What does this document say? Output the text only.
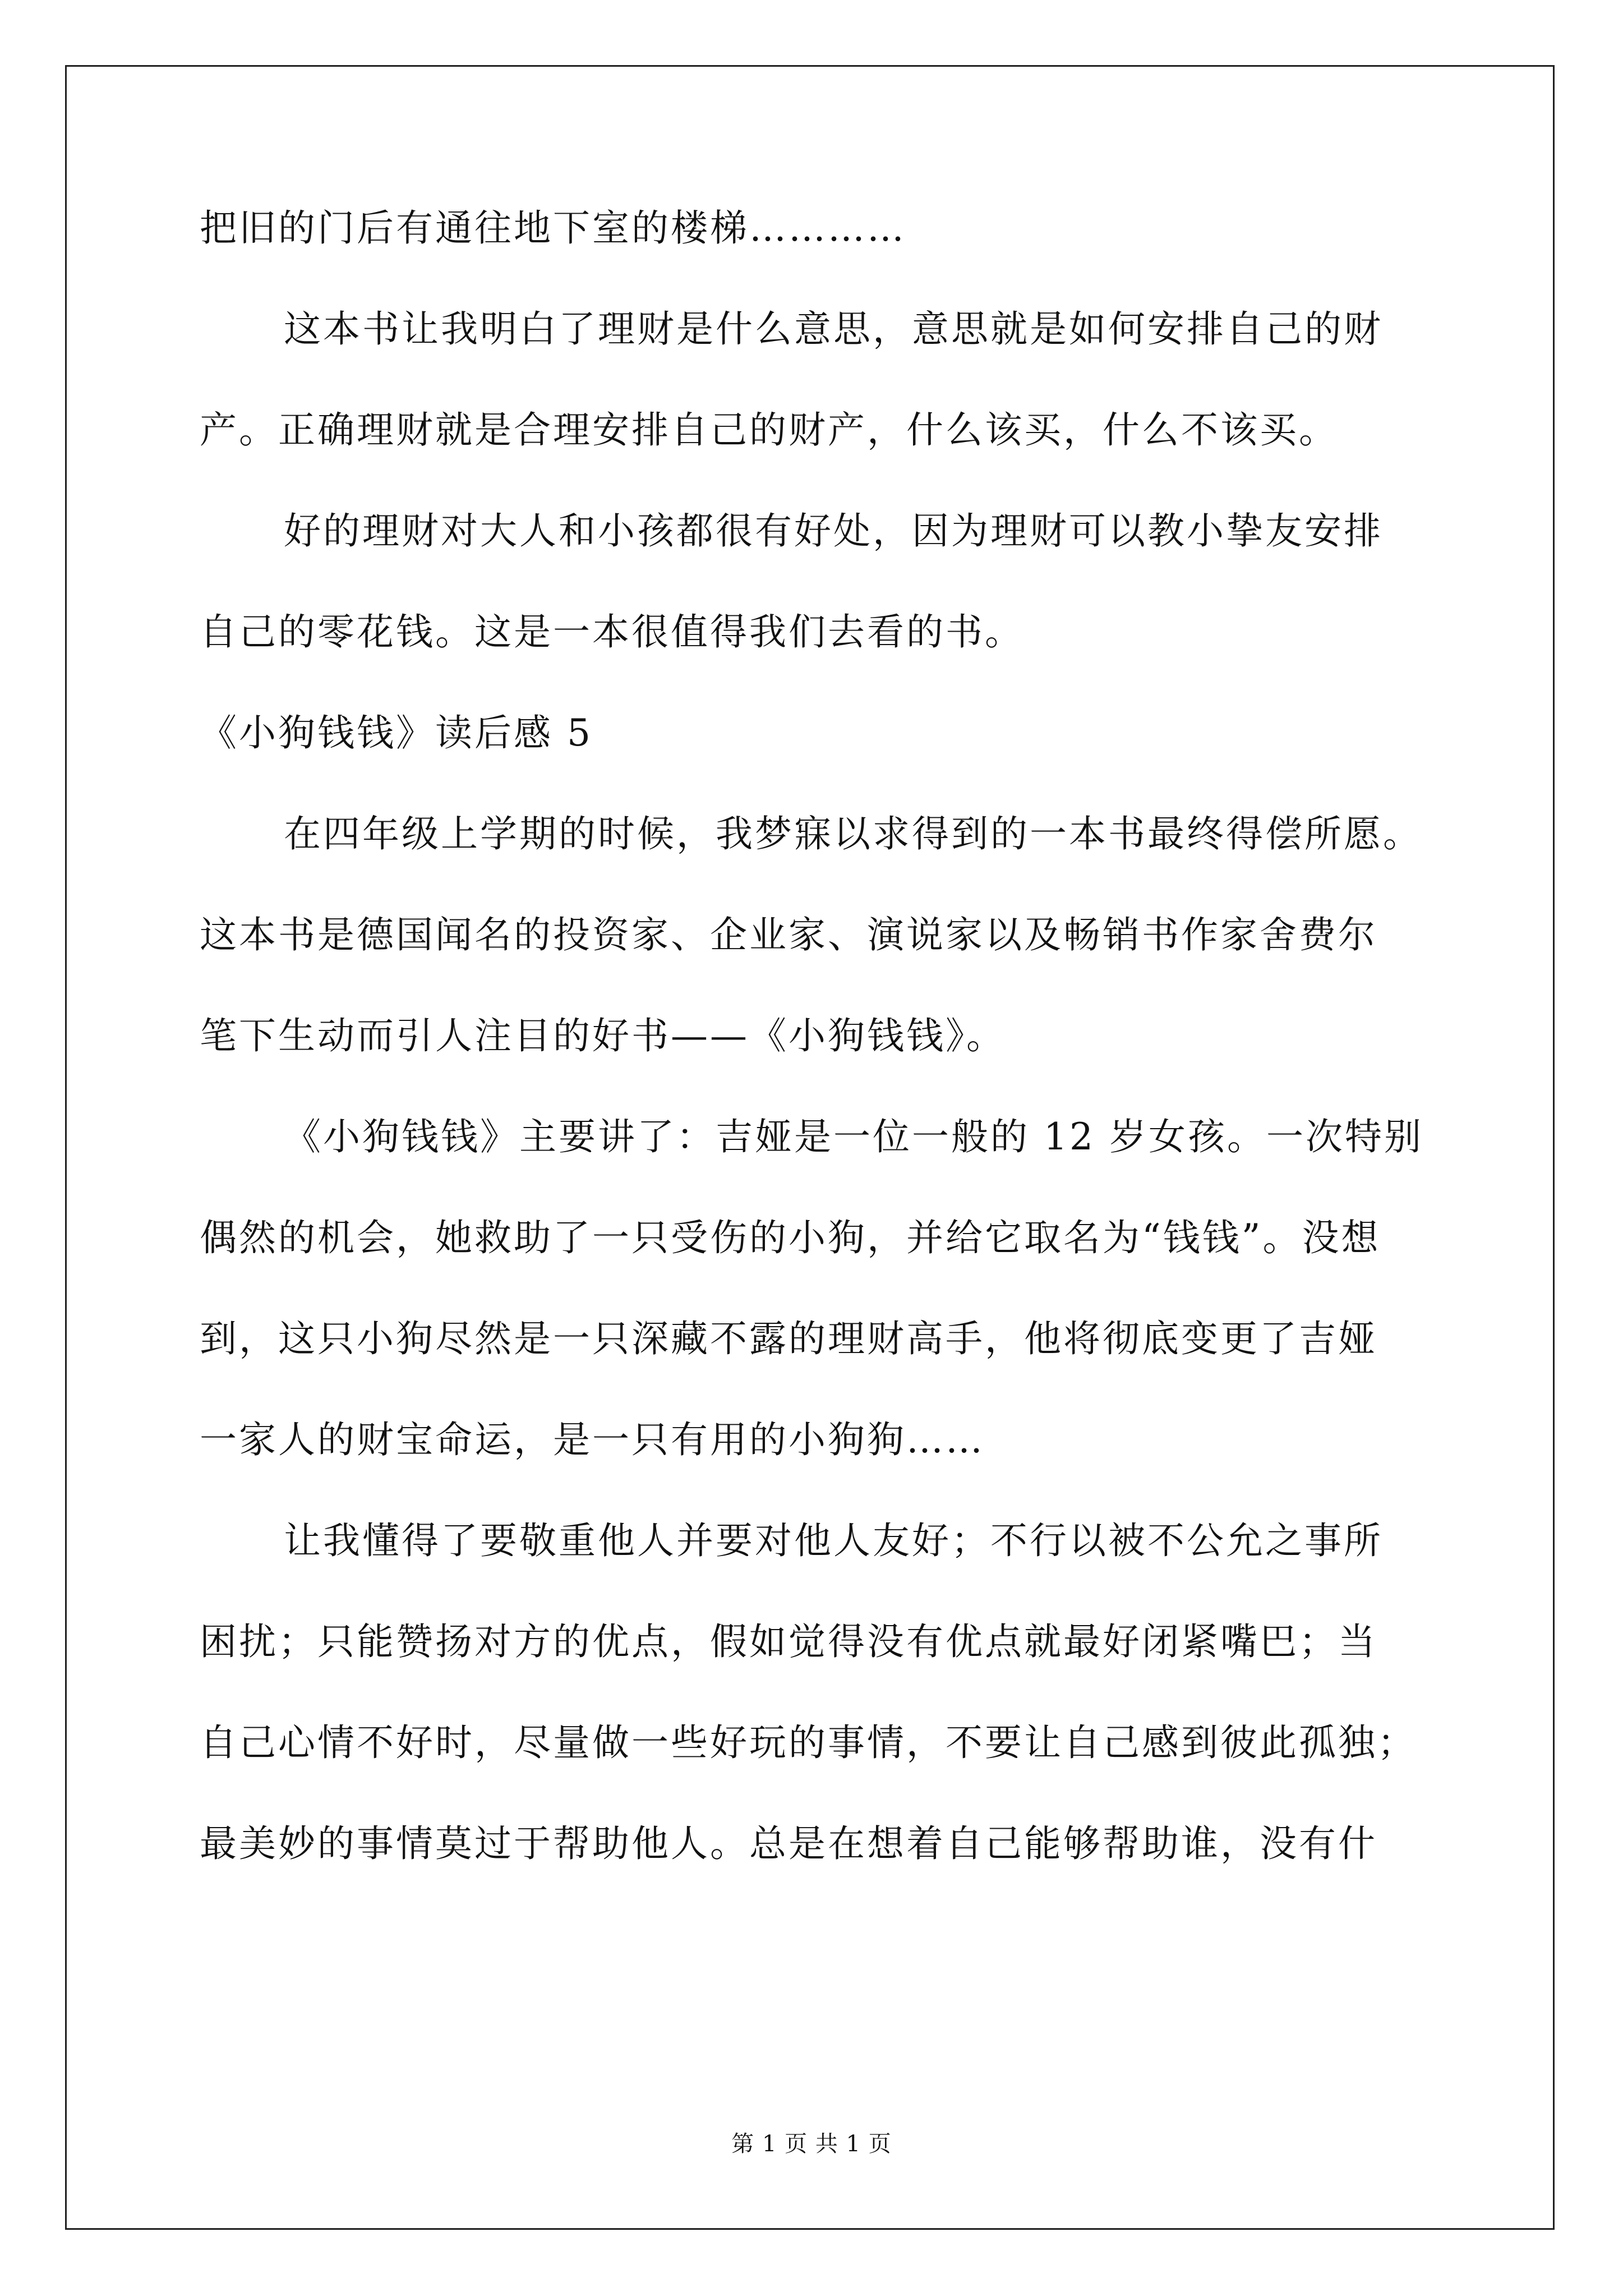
把旧的门后有通往地下室的楼梯…………
这本书让我明白了理财是什么意思，意思就是如何安排自己的财
产。正确理财就是合理安排自己的财产，什么该买，什么不该买。
好的理财对大人和小孩都很有好处，因为理财可以教小挚友安排
自己的零花钱。这是一本很值得我们去看的书。
《小狗钱钱》读后感 5
在四年级上学期的时候，我梦寐以求得到的一本书最终得偿所愿。
这本书是德国闻名的投资家、企业家、演说家以及畅销书作家舍费尔
笔下生动而引人注目的好书——《小狗钱钱》。
《小狗钱钱》主要讲了：吉娅是一位一般的 12 岁女孩。一次特别
偶然的机会，她救助了一只受伤的小狗，并给它取名为“钱钱”。没想
到，这只小狗尽然是一只深藏不露的理财高手，他将彻底变更了吉娅
一家人的财宝命运，是一只有用的小狗狗……
让我懂得了要敬重他人并要对他人友好；不行以被不公允之事所
困扰；只能赞扬对方的优点，假如觉得没有优点就最好闭紧嘴巴；当
自己心情不好时，尽量做一些好玩的事情，不要让自己感到彼此孤独；
最美妙的事情莫过于帮助他人。总是在想着自己能够帮助谁，没有什
第 1 页 共 1 页
